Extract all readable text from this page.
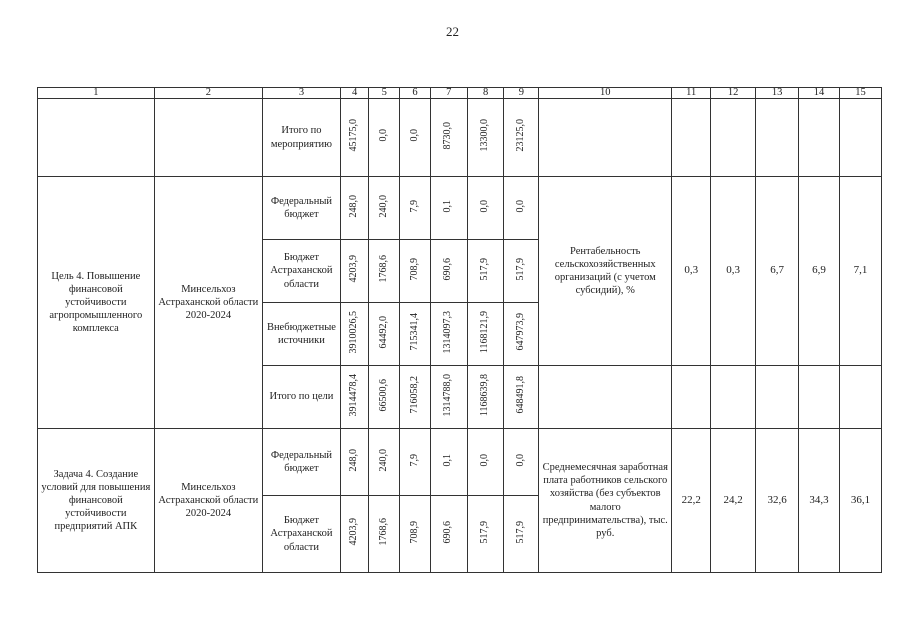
22
1	2	3	4	5	6	7	8	9	10	11	12	13	14	15
		Итого по мероприятию	45175,0	0,0	0,0	8730,0	13300,0	23125,0						
Цель 4. Повышение финансовой устойчивости агропромышленного комплекса	Минсельхоз Астраханской области 2020-2024	Федеральный бюджет	248,0	240,0	7,9	0,1	0,0	0,0	Рентабельность сельскохозяйственных организаций (с учетом субсидий), %	0,3	0,3	6,7	6,9	7,1
		Бюджет Астраханской области	4203,9	1768,6	708,9	690,6	517,9	517,9						
		Внебюджетные источники	3910026,5	64492,0	715341,4	1314097,3	1168121,9	647973,9						
		Итого по цели	3914478,4	66500,6	716058,2	1314788,0	1168639,8	648491,8						
Задача 4. Создание условий для повышения финансовой устойчивости предприятий АПК	Минсельхоз Астраханской области 2020-2024	Федеральный бюджет	248,0	240,0	7,9	0,1	0,0	0,0	Среднемесячная заработная плата работников сельского хозяйства (без субъектов малого предпринимательства), тыс. руб.	22,2	24,2	32,6	34,3	36,1
		Бюджет Астраханской области	4203,9	1768,6	708,9	690,6	517,9	517,9						
